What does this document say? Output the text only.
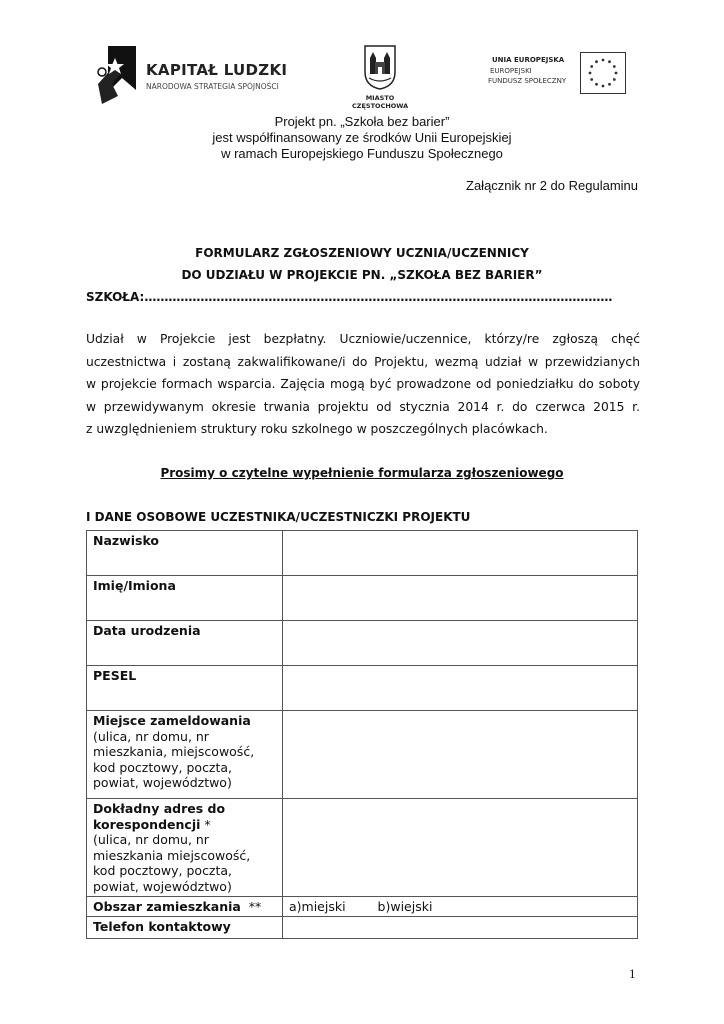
KAPITAŁ LUDZKI
NARODOWA STRATEGIA SPÓJNOŚCI
MIASTO
CZĘSTOCHOWA
UNIA EUROPEJSKA
EUROPEJSKI
FUNDUSZ SPOŁECZNY
Projekt pn. „Szkoła bez barier”
jest współfinansowany ze środków Unii Europejskiej
w ramach Europejskiego Funduszu Społecznego
Załącznik nr 2 do Regulaminu
FORMULARZ ZGŁOSZENIOWY UCZNIA/UCZENNICY
DO UDZIAŁU W PROJEKCIE PN. „SZKOŁA BEZ BARIER”
SZKOŁA:………………………………………………………………………………………………………

Udział w Projekcie jest bezpłatny. Uczniowie/uczennice, którzy/re zgłoszą chęć

uczestnictwa i zostaną zakwalifikowane/i do Projektu, wezmą udział w przewidzianych

w projekcie formach wsparcia. Zajęcia mogą być prowadzone od poniedziałku do soboty

w przewidywanym okresie trwania projektu od stycznia 2014 r. do czerwca 2015 r.

z uwzględnieniem struktury roku szkolnego w poszczególnych placówkach.

Prosimy o czytelne wypełnienie formularza zgłoszeniowego
I DANE OSOBOWE UCZESTNIKA/UCZESTNICZKI PROJEKTU
Nazwisko	
Imię/Imiona	
Data urodzenia	
PESEL	
Miejsce zameldowania
(ulica, nr domu, nr mieszkania, miejscowość, kod pocztowy, poczta, powiat, województwo)	
Dokładny adres do korespondencji *
(ulica, nr domu, nr mieszkania miejscowość, kod pocztowy, poczta, powiat, województwo)	
Obszar zamieszkania  **	a)miejski b)wiejski
Telefon kontaktowy	
1
